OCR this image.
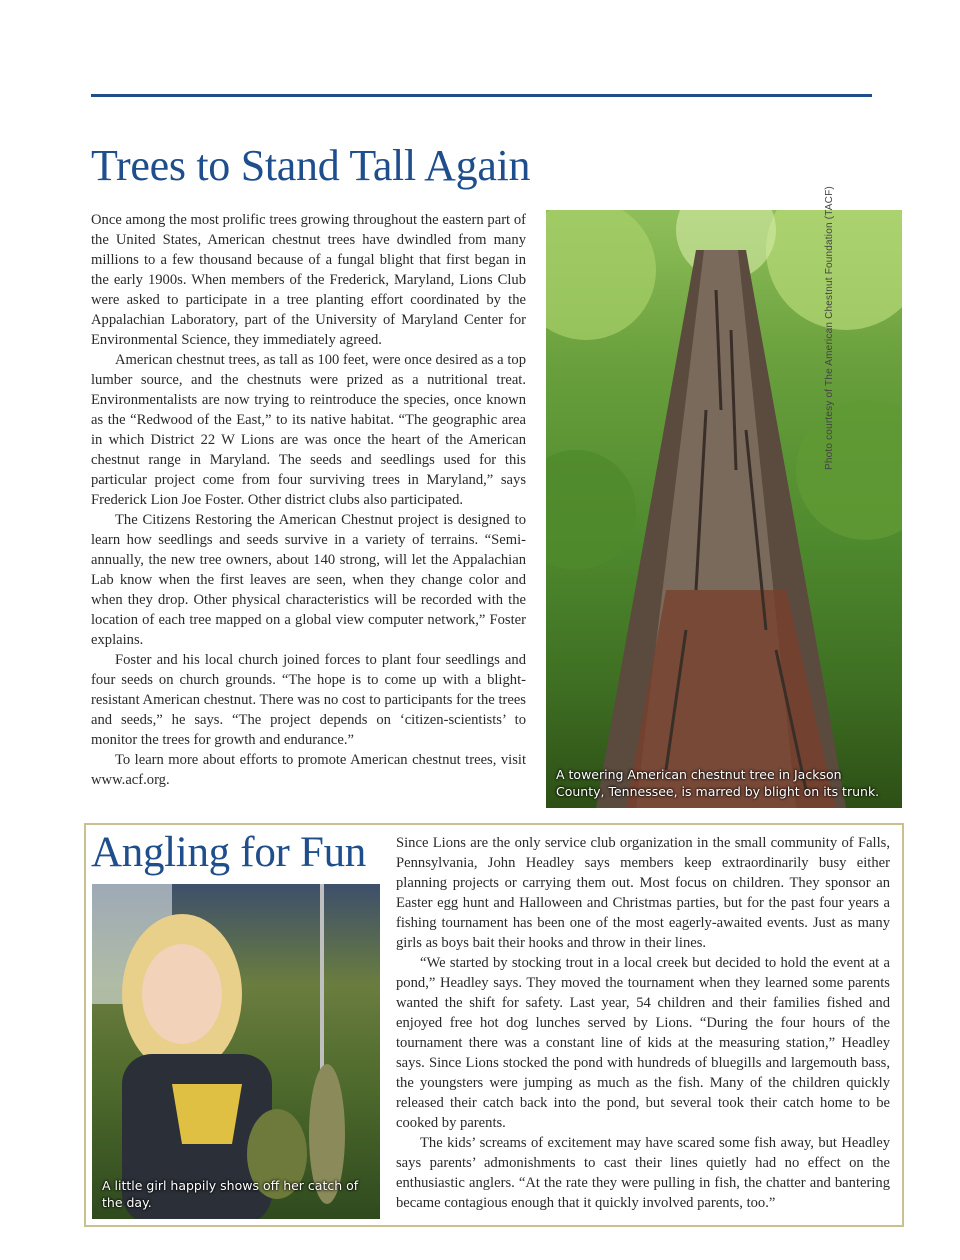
Trees to Stand Tall Again

Once among the most prolific trees growing throughout the eastern part of the United States, American chestnut trees have dwindled from many millions to a few thousand because of a fungal blight that first began in the early 1900s. When members of the Frederick, Maryland, Lions Club were asked to participate in a tree planting effort coordinated by the Appalachian Laboratory, part of the University of Maryland Center for Environmental Science, they immediately agreed.

American chestnut trees, as tall as 100 feet, were once desired as a top lumber source, and the chestnuts were prized as a nutritional treat. Environmentalists are now trying to reintroduce the species, once known as the “Redwood of the East,” to its native habitat. “The geographic area in which District 22 W Lions are was once the heart of the American chestnut range in Maryland. The seeds and seedlings used for this particular project come from four surviving trees in Maryland,” says Frederick Lion Joe Foster. Other district clubs also participated.

The Citizens Restoring the American Chestnut project is designed to learn how seedlings and seeds survive in a variety of terrains. “Semi-annually, the new tree owners, about 140 strong, will let the Appalachian Lab know when the first leaves are seen, when they change color and when they drop. Other physical characteristics will be recorded with the location of each tree mapped on a global view computer network,” Foster explains.

Foster and his local church joined forces to plant four seedlings and four seeds on church grounds. “The hope is to come up with a blight-resistant American chestnut. There was no cost to participants for the trees and seeds,” he says. “The project depends on ‘citizen-scientists’ to monitor the trees for growth and endurance.”

To learn more about efforts to promote American chestnut trees, visit www.acf.org.	A towering American chestnut tree in Jackson County, Tennessee, is marred by blight on its trunk.
Photo courtesy of The American Chestnut Foundation (TACF)
Angling for Fun
A little girl happily shows off her catch of the day.

Since Lions are the only service club organization in the small community of Falls, Pennsylvania, John Headley says members keep extraordinarily busy either planning projects or carrying them out. Most focus on children. They sponsor an Easter egg hunt and Halloween and Christmas parties, but for the past four years a fishing tournament has been one of the most eagerly-awaited events. Just as many girls as boys bait their hooks and throw in their lines.

“We started by stocking trout in a local creek but decided to hold the event at a pond,” Headley says. They moved the tournament when they learned some parents wanted the shift for safety. Last year, 54 children and their families fished and enjoyed free hot dog lunches served by Lions. “During the four hours of the tournament there was a constant line of kids at the measuring station,” Headley says. Since Lions stocked the pond with hundreds of bluegills and largemouth bass, the youngsters were jumping as much as the fish. Many of the children quickly released their catch back into the pond, but several took their catch home to be cooked by parents.

The kids’ screams of excitement may have scared some fish away, but Headley says parents’ admonishments to cast their lines quietly had no effect on the enthusiastic anglers. “At the rate they were pulling in fish, the chatter and bantering became contagious enough that it quickly involved parents, too.”
